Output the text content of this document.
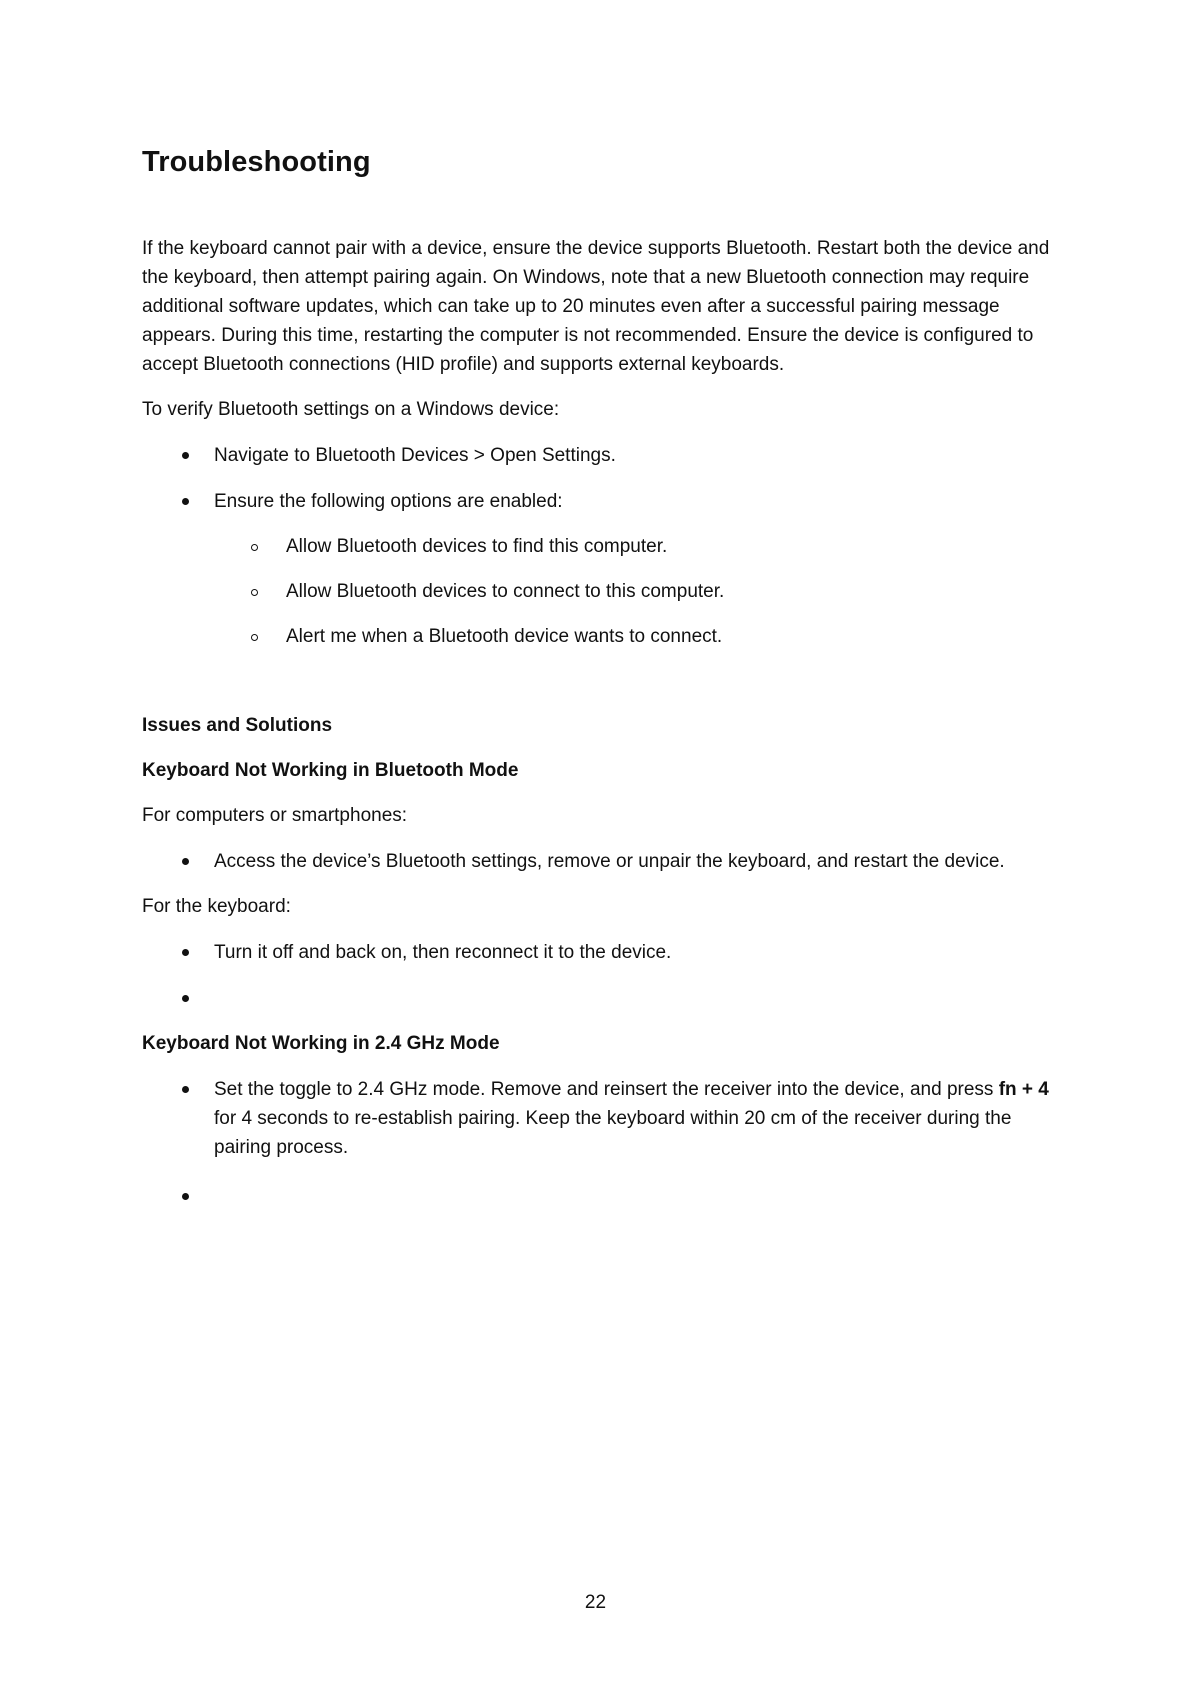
Troubleshooting

If the keyboard cannot pair with a device, ensure the device supports Bluetooth. Restart both the device and the keyboard, then attempt pairing again. On Windows, note that a new Bluetooth connection may require additional software updates, which can take up to 20 minutes even after a successful pairing message appears. During this time, restarting the computer is not recommended. Ensure the device is configured to accept Bluetooth connections (HID profile) and supports external keyboards.

To verify Bluetooth settings on a Windows device:

Navigate to Bluetooth Devices > Open Settings.
Ensure the following options are enabled:
Allow Bluetooth devices to find this computer.
Allow Bluetooth devices to connect to this computer.
Alert me when a Bluetooth device wants to connect.

Issues and Solutions

Keyboard Not Working in Bluetooth Mode

For computers or smartphones:

Access the device’s Bluetooth settings, remove or unpair the keyboard, and restart the device.

For the keyboard:

Turn it off and back on, then reconnect it to the device.

Keyboard Not Working in 2.4 GHz Mode

Set the toggle to 2.4 GHz mode. Remove and reinsert the receiver into the device, and press fn + 4 for 4 seconds to re-establish pairing. Keep the keyboard within 20 cm of the receiver during the pairing process.
22
